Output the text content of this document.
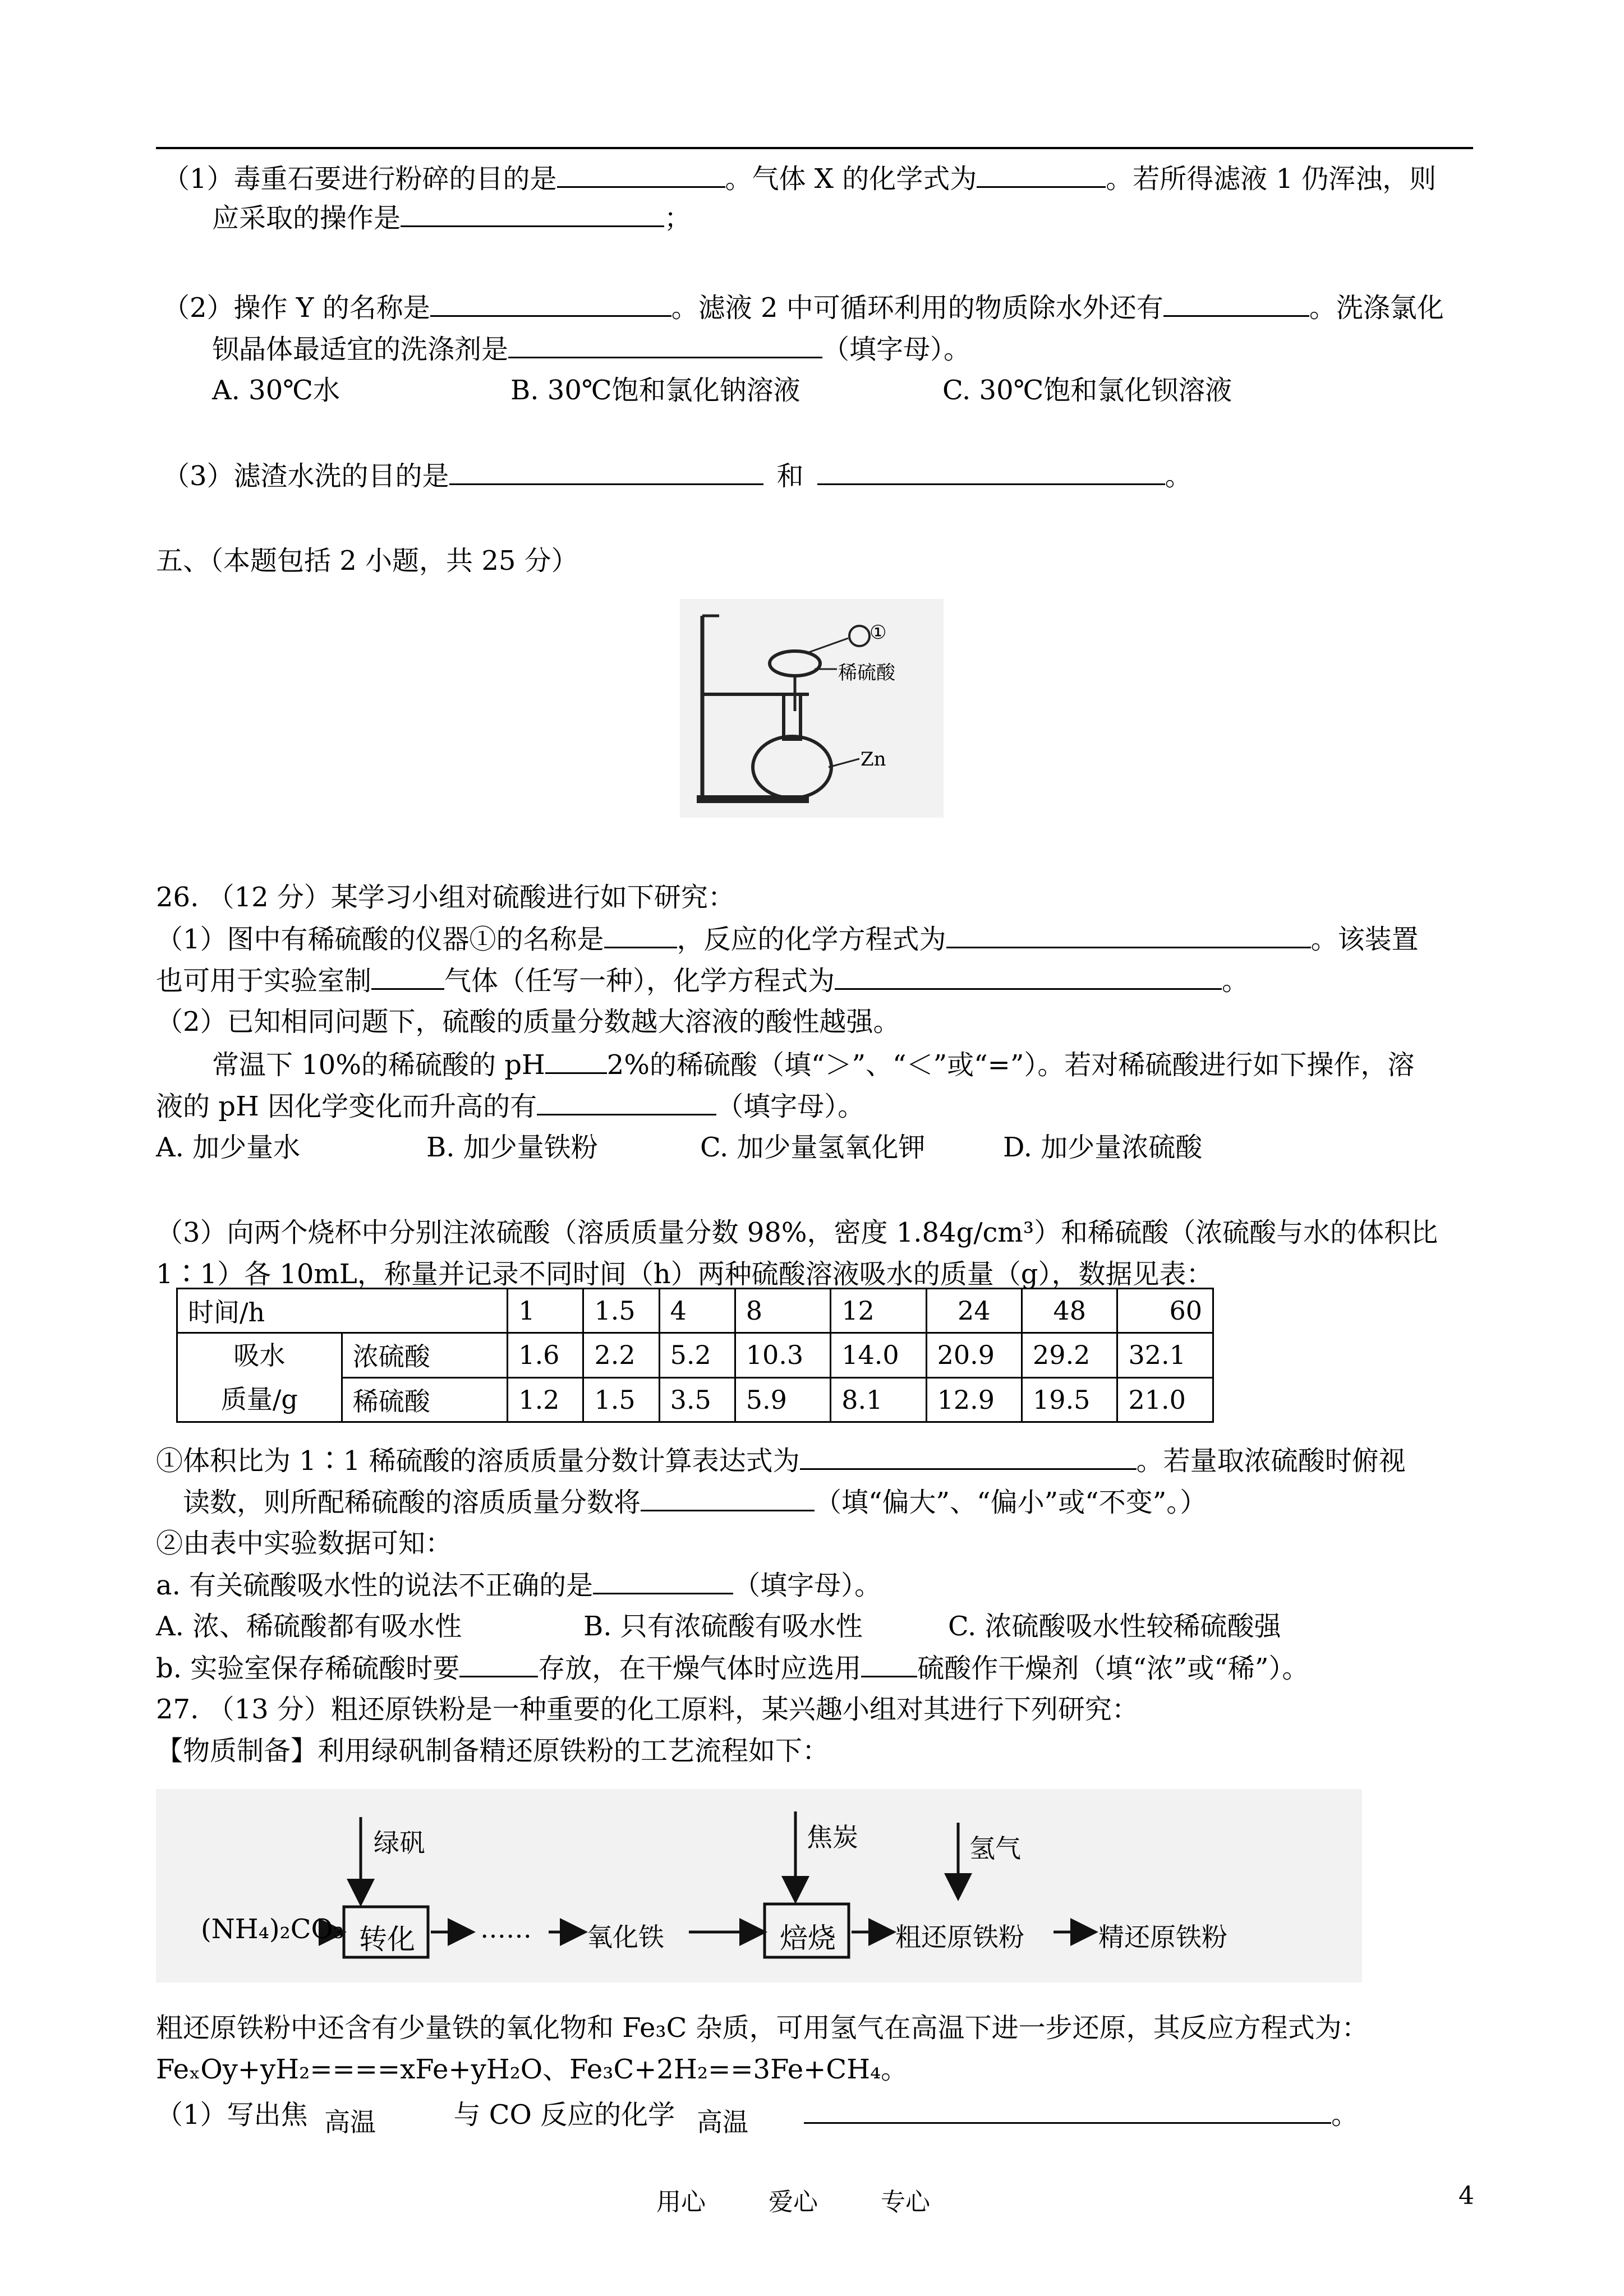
（1）毒重石要进行粉碎的目的是	。气体 X 的化学式为	。若所得滤液 1 仍浑浊，则
应采取的操作是	；
（2）操作 Y 的名称是	。滤液 2 中可循环利用的物质除水外还有	。洗涤氯化
钡晶体最适宜的洗涤剂是	（填字母）。
A. 30℃水	B. 30℃饱和氯化钠溶液	C. 30℃饱和氯化钡溶液
（3）滤渣水洗的目的是	和	。
五、（本题包括 2 小题，共 25 分）
①
稀硫酸
Zn
26. （12 分）某学习小组对硫酸进行如下研究：
（1）图中有稀硫酸的仪器①的名称是	，反应的化学方程式为	。该装置
也可用于实验室制	气体（任写一种），化学方程式为	。
（2）已知相同问题下，硫酸的质量分数越大溶液的酸性越强。
常温下 10%的稀硫酸的 pH 2%的稀硫酸（填“＞”、“＜”或“=”）。若对稀硫酸进行如下操作，溶
液的 pH 因化学变化而升高的有	（填字母）。
A. 加少量水	B. 加少量铁粉	C. 加少量氢氧化钾	D. 加少量浓硫酸
（3）向两个烧杯中分别注浓硫酸（溶质质量分数 98%，密度 1.84g/cm³）和稀硫酸（浓硫酸与水的体积比
1∶1）各 10mL，称量并记录不同时间（h）两种硫酸溶液吸水的质量（g），数据见表：
时间/h		1	1.5	4	8	12	24	48	60

吸水
质量/g	浓硫酸	1.6	2.2	5.2	10.3	14.0	20.9	29.2	32.1
	稀硫酸	1.2	1.5	3.5	5.9	8.1	12.9	19.5	21.0
①体积比为 1∶1 稀硫酸的溶质质量分数计算表达式为	。若量取浓硫酸时俯视
读数，则所配稀硫酸的溶质质量分数将	（填“偏大”、“偏小”或“不变”。）
②由表中实验数据可知：
a. 有关硫酸吸水性的说法不正确的是	（填字母）。
A. 浓、稀硫酸都有吸水性	B. 只有浓硫酸有吸水性	C. 浓硫酸吸水性较稀硫酸强
b. 实验室保存稀硫酸时要	存放，在干燥气体时应选用 硫酸作干燥剂（填“浓”或“稀”）。
27. （13 分）粗还原铁粉是一种重要的化工原料，某兴趣小组对其进行下列研究：
【物质制备】利用绿矾制备精还原铁粉的工艺流程如下：
(NH₄)₂CO₃
绿矾
转化	…… 氧化铁
焦炭
焙烧 粗还原铁粉
氢气
精还原铁粉
粗还原铁粉中还含有少量铁的氧化物和 Fe₃C 杂质，可用氢气在高温下进一步还原，其反应方程式为：
FeₓOy+yH₂====xFe+yH₂O、Fe₃C+2H₂==3Fe+CH₄。
（1）写出焦	与 CO 反应的化学	。
高温	高温
用心	爱心	专心	4
